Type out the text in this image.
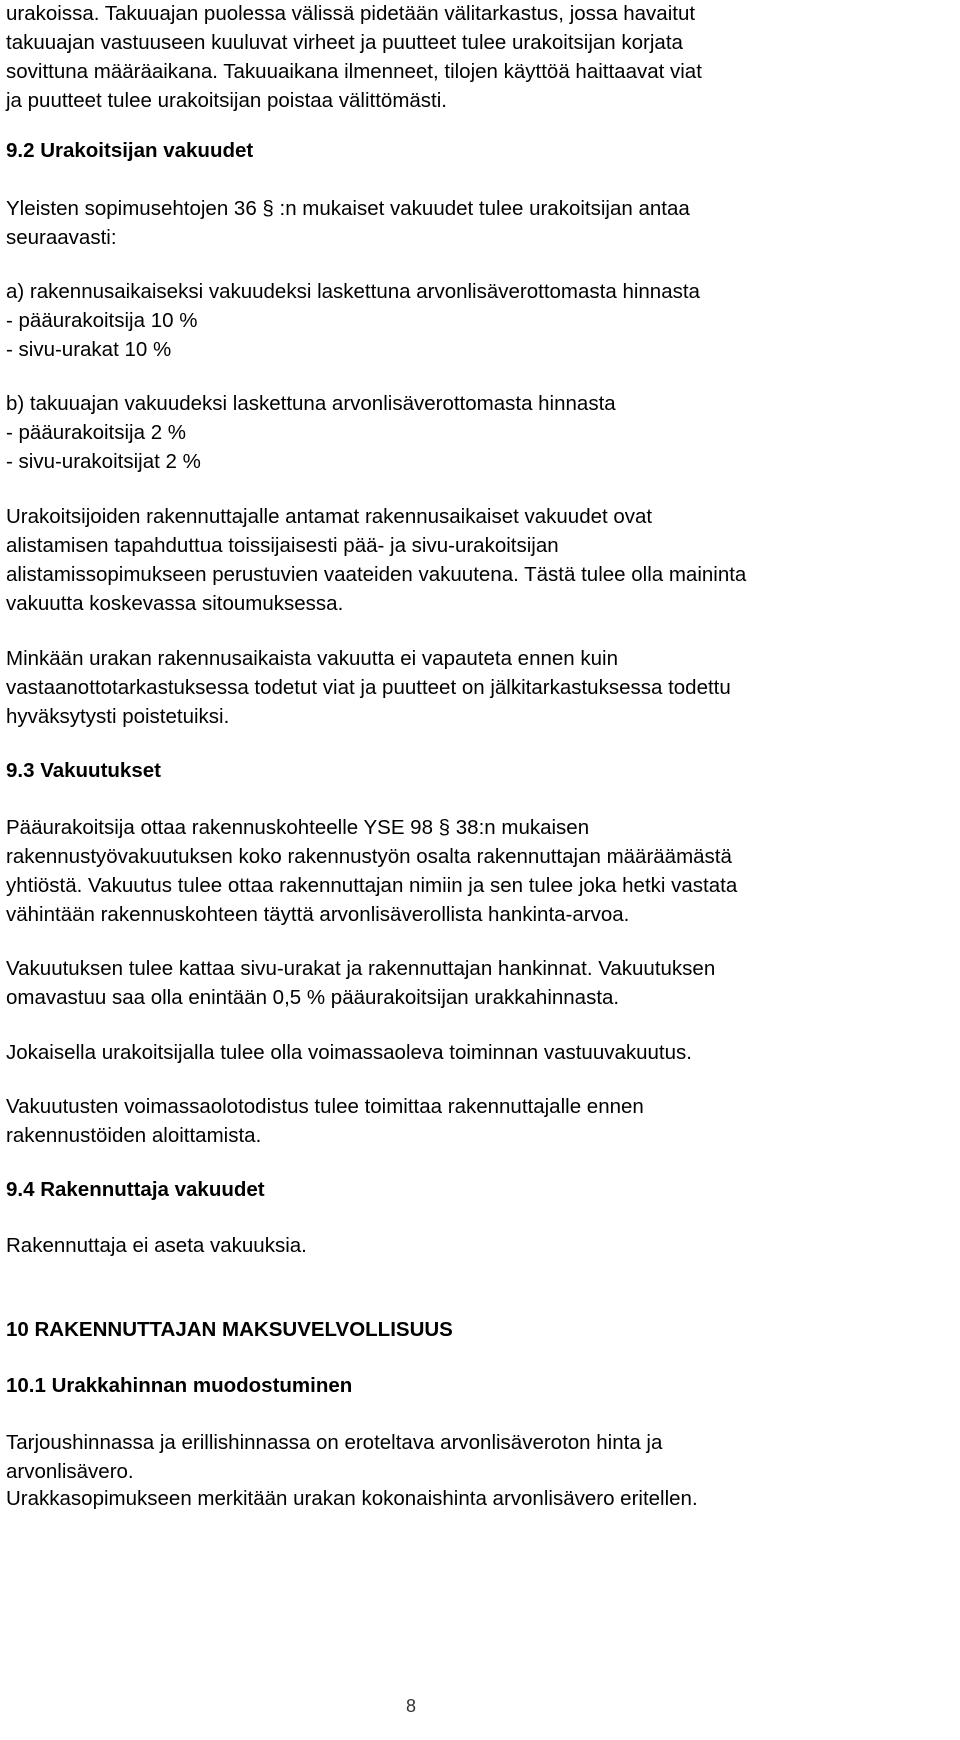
urakoissa. Takuuajan puolessa välissä pidetään välitarkastus, jossa havaitut
takuuajan vastuuseen kuuluvat virheet ja puutteet tulee urakoitsijan korjata
sovittuna määräaikana. Takuuaikana ilmenneet, tilojen käyttöä haittaavat viat
ja puutteet tulee urakoitsijan poistaa välittömästi.
9.2 Urakoitsijan vakuudet
Yleisten sopimusehtojen 36 § :n mukaiset vakuudet tulee urakoitsijan antaa
seuraavasti:
a) rakennusaikaiseksi vakuudeksi laskettuna arvonlisäverottomasta hinnasta
- pääurakoitsija 10 %
- sivu-urakat 10 %
b) takuuajan vakuudeksi laskettuna arvonlisäverottomasta hinnasta
- pääurakoitsija 2 %
- sivu-urakoitsijat 2 %
Urakoitsijoiden rakennuttajalle antamat rakennusaikaiset vakuudet ovat
alistamisen tapahduttua toissijaisesti pää- ja sivu-urakoitsijan
alistamissopimukseen perustuvien vaateiden vakuutena. Tästä tulee olla maininta
vakuutta koskevassa sitoumuksessa.
Minkään urakan rakennusaikaista vakuutta ei vapauteta ennen kuin
vastaanottotarkastuksessa todetut viat ja puutteet on jälkitarkastuksessa todettu
hyväksytysti poistetuiksi.
9.3 Vakuutukset
Pääurakoitsija ottaa rakennuskohteelle YSE 98 § 38:n mukaisen
rakennustyövakuutuksen koko rakennustyön osalta rakennuttajan määräämästä
yhtiöstä. Vakuutus tulee ottaa rakennuttajan nimiin ja sen tulee joka hetki vastata
vähintään rakennuskohteen täyttä arvonlisäverollista hankinta-arvoa.
Vakuutuksen tulee kattaa sivu-urakat ja rakennuttajan hankinnat. Vakuutuksen
omavastuu saa olla enintään 0,5 % pääurakoitsijan urakkahinnasta.
Jokaisella urakoitsijalla tulee olla voimassaoleva toiminnan vastuuvakuutus.
Vakuutusten voimassaolotodistus tulee toimittaa rakennuttajalle ennen
rakennustöiden aloittamista.
9.4 Rakennuttaja vakuudet
Rakennuttaja ei aseta vakuuksia.
10 RAKENNUTTAJAN MAKSUVELVOLLISUUS
10.1 Urakkahinnan muodostuminen
Tarjoushinnassa ja erillishinnassa on eroteltava arvonlisäveroton hinta ja
arvonlisävero.
Urakkasopimukseen merkitään urakan kokonaishinta arvonlisävero eritellen.
8
